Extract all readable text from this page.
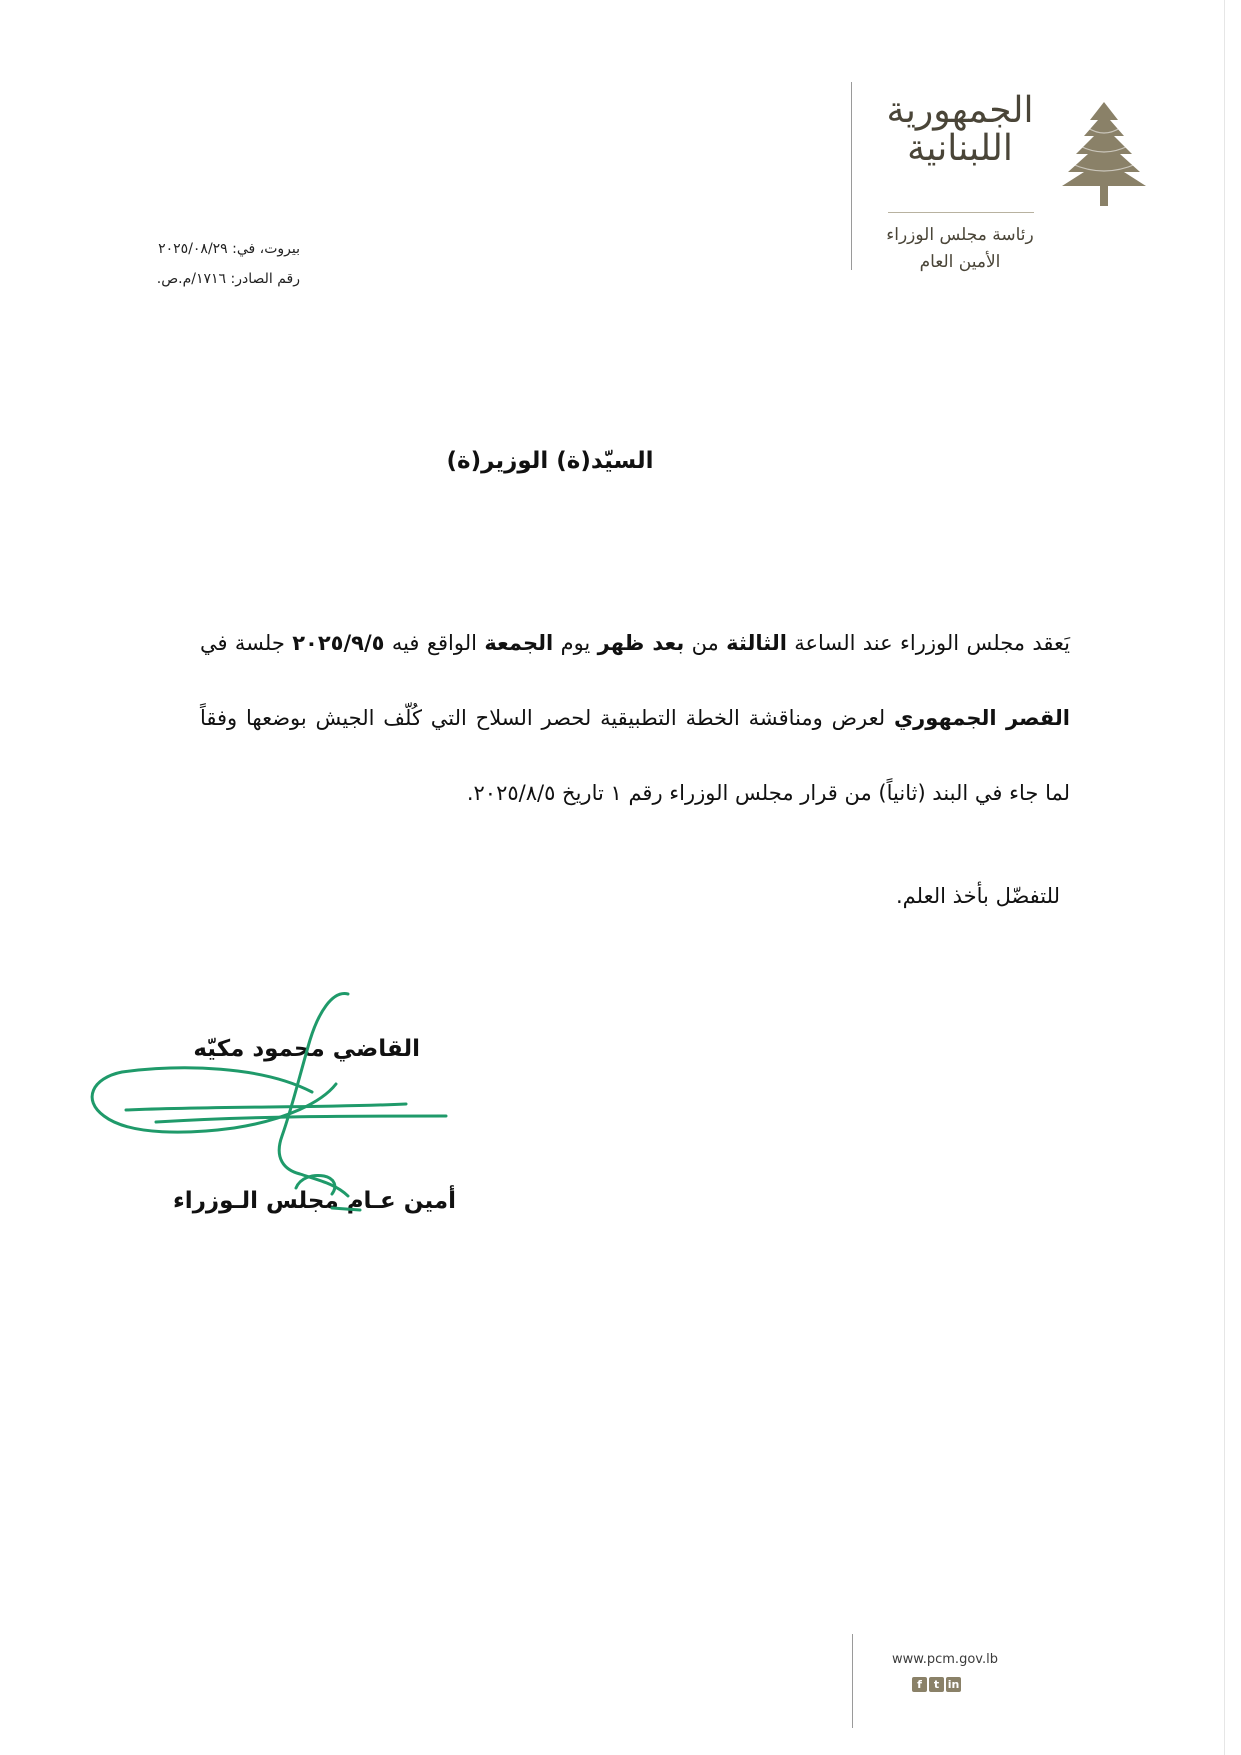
الجمهورية
اللبنانية
رئاسة مجلس الوزراء
الأمين العام
بيروت، في: ٢٠٢٥/٠٨/٢٩
رقم الصادر: ١٧١٦/م.ص.
السيّد(ة) الوزير(ة)
يَعقد مجلس الوزراء عند الساعة الثالثة من بعد ظهر يوم الجمعة الواقع فيه ٢٠٢٥/٩/٥ جلسة في القصر الجمهوري لعرض ومناقشة الخطة التطبيقية لحصر السلاح التي كُلّف الجيش بوضعها وفقاً لما جاء في البند (ثانياً) من قرار مجلس الوزراء رقم ١ تاريخ ٢٠٢٥/٨/٥.
للتفضّل بأخذ العلم.
القاضي محمود مكيّه
أمين عـام مجلس الـوزراء
www.pcm.gov.lb
f	t in
